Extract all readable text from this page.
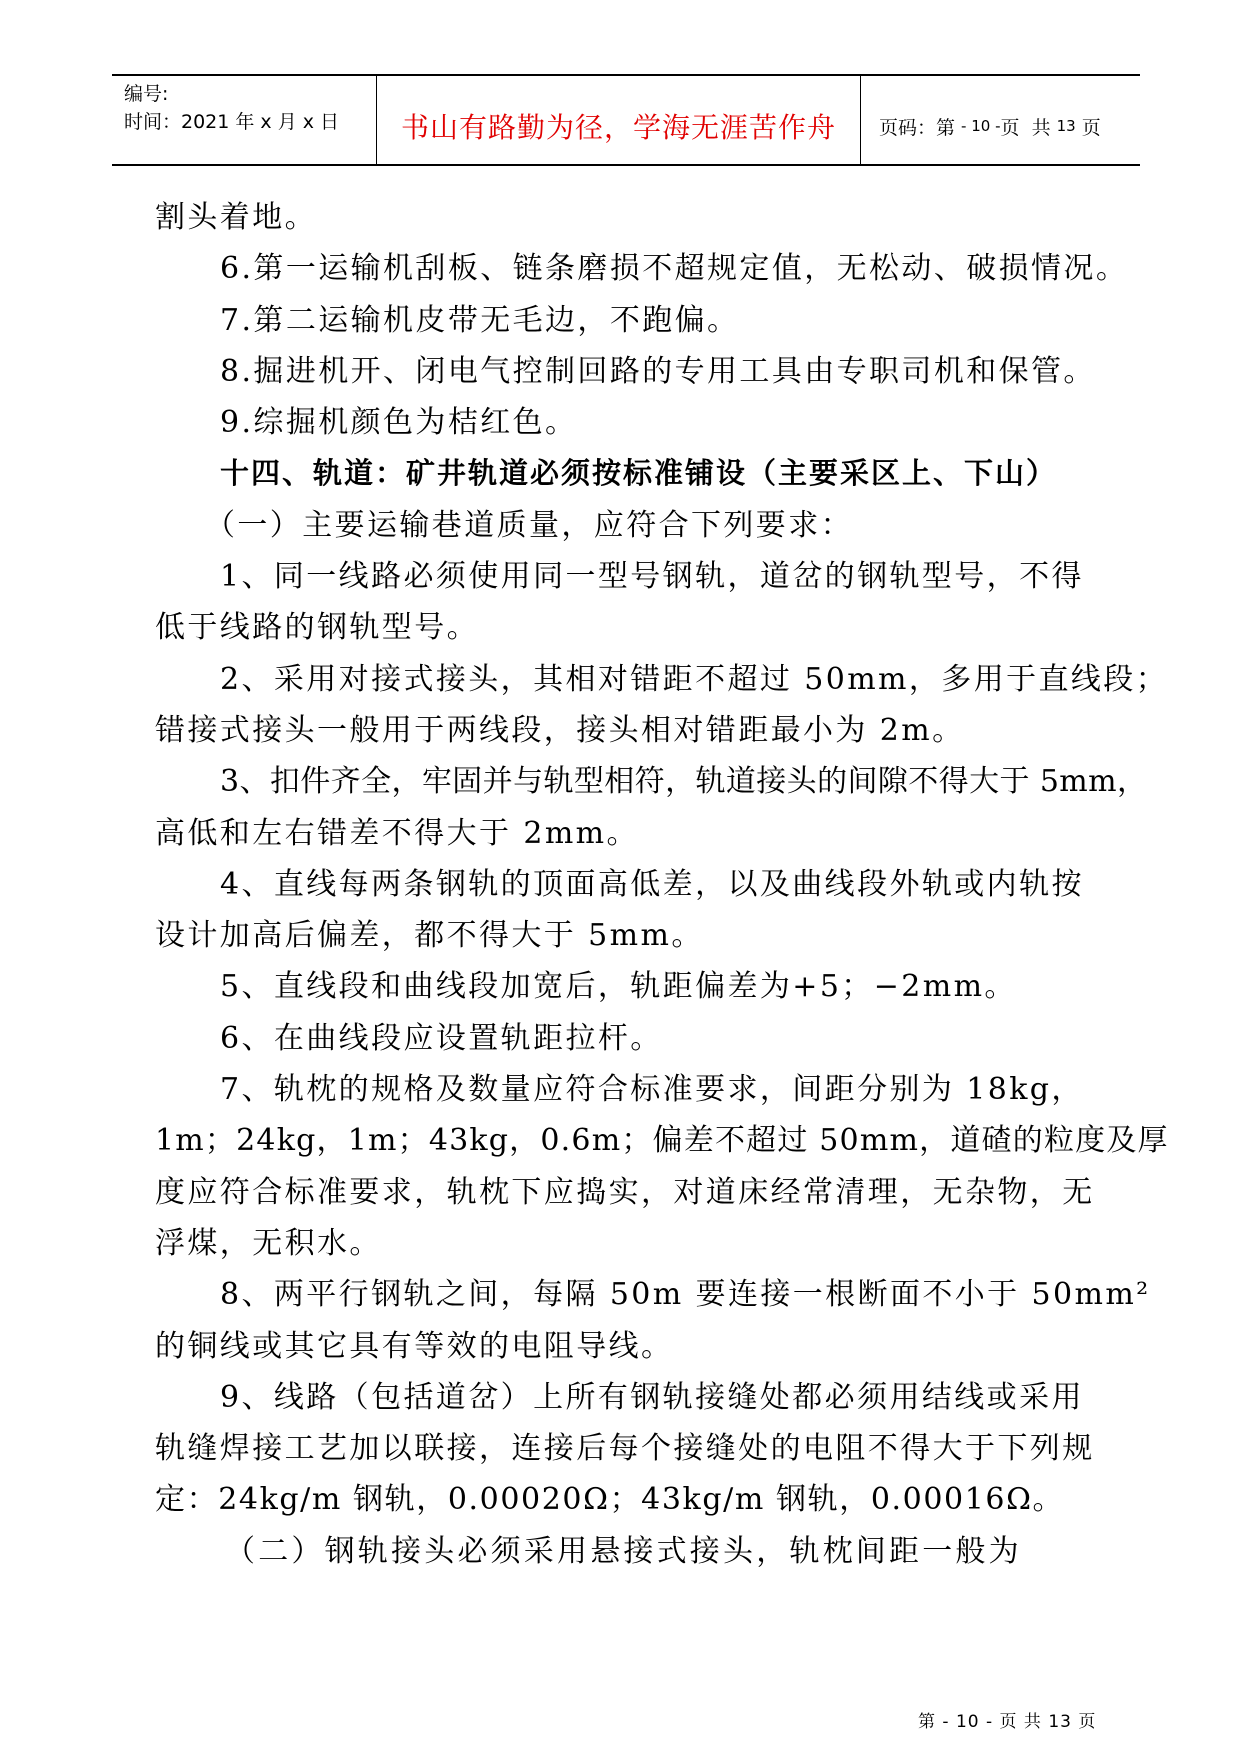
编号:
时间：2021 年 x 月 x 日	书山有路勤为径，学海无涯苦作舟	页码：第 - 10 - 页  共 13 页
割头着地。
6.第一运输机刮板、链条磨损不超规定值，无松动、破损情况。
7.第二运输机皮带无毛边，不跑偏。
8.掘进机开、闭电气控制回路的专用工具由专职司机和保管。
9.综掘机颜色为桔红色。
十四、轨道：矿井轨道必须按标准铺设（主要采区上、下山）
（一）主要运输巷道质量，应符合下列要求：
1、同一线路必须使用同一型号钢轨，道岔的钢轨型号，不得
低于线路的钢轨型号。
2、采用对接式接头，其相对错距不超过 50mm，多用于直线段；
错接式接头一般用于两线段，接头相对错距最小为 2m。
3、扣件齐全，牢固并与轨型相符，轨道接头的间隙不得大于 5mm，
高低和左右错差不得大于 2mm。
4、直线每两条钢轨的顶面高低差，以及曲线段外轨或内轨按
设计加高后偏差，都不得大于 5mm。
5、直线段和曲线段加宽后，轨距偏差为+5；−2mm。
6、在曲线段应设置轨距拉杆。
7、轨枕的规格及数量应符合标准要求，间距分别为 18kg，
1m；24kg，1m；43kg，0.6m；偏差不超过 50mm，道碴的粒度及厚
度应符合标准要求，轨枕下应捣实，对道床经常清理，无杂物，无
浮煤，无积水。
8、两平行钢轨之间，每隔 50m 要连接一根断面不小于 50mm²
的铜线或其它具有等效的电阻导线。
9、线路（包括道岔）上所有钢轨接缝处都必须用结线或采用
轨缝焊接工艺加以联接，连接后每个接缝处的电阻不得大于下列规
定：24kg/m 钢轨，0.00020Ω；43kg/m 钢轨，0.00016Ω。
（二）钢轨接头必须采用悬接式接头，轨枕间距一般为
第 - 10 - 页 共 13 页
